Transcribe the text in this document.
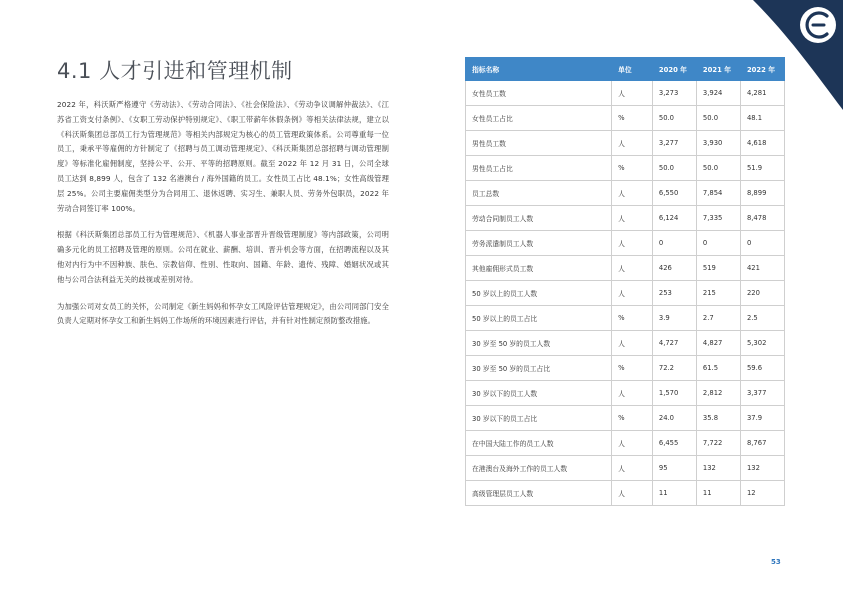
4.1 人才引进和管理机制

2022 年，科沃斯严格遵守《劳动法》、《劳动合同法》、《社会保险法》、《劳动争议调解仲裁法》、《江苏省工资支付条例》、《女职工劳动保护特别规定》、《职工带薪年休假条例》等相关法律法规，建立以《科沃斯集团总部员工行为管理规范》等相关内部规定为核心的员工管理政策体系。公司尊重每一位员工，秉承平等雇佣的方针制定了《招聘与员工调动管理规定》、《科沃斯集团总部招聘与调动管理制度》等标准化雇佣制度，坚持公平、公开、平等的招聘原则。截至 2022 年 12 月 31 日，公司全球员工达到 8,899 人，包含了 132 名港澳台 / 海外国籍的员工。女性员工占比 48.1%；女性高级管理层 25%。公司主要雇佣类型分为合同用工、退休返聘、实习生、兼职人员、劳务外包职员，2022 年劳动合同签订率 100%。

根据《科沃斯集团总部员工行为管理规范》、《机器人事业部晋升晋级管理制度》等内部政策，公司明确多元化的员工招聘及管理的原则。公司在就业、薪酬、培训、晋升机会等方面，在招聘流程以及其他对内行为中不因种族、肤色、宗教信仰、性别、性取向、国籍、年龄、遗传、残障、婚姻状况或其他与公司合法利益无关的歧视或差别对待。

为加强公司对女员工的关怀，公司制定《新生妈妈和怀孕女工风险评估管理规定》，由公司同部门安全负责人定期对怀孕女工和新生妈妈工作场所的环境因素进行评估，并有针对性制定预防整改措施。

指标名称	单位	2020 年	2021 年	2022 年
女性员工数	人	3,273	3,924	4,281
女性员工占比	%	50.0	50.0	48.1
男性员工数	人	3,277	3,930	4,618
男性员工占比	%	50.0	50.0	51.9
员工总数	人	6,550	7,854	8,899
劳动合同制员工人数	人	6,124	7,335	8,478
劳务派遣制员工人数	人	0	0	0
其他雇佣形式员工数	人	426	519	421
50 岁以上的员工人数	人	253	215	220
50 岁以上的员工占比	%	3.9	2.7	2.5
30 岁至 50 岁的员工人数	人	4,727	4,827	5,302
30 岁至 50 岁的员工占比	%	72.2	61.5	59.6
30 岁以下的员工人数	人	1,570	2,812	3,377
30 岁以下的员工占比	%	24.0	35.8	37.9
在中国大陆工作的员工人数	人	6,455	7,722	8,767
在港澳台及海外工作的员工人数	人	95	132	132
高级管理层员工人数	人	11	11	12
53
